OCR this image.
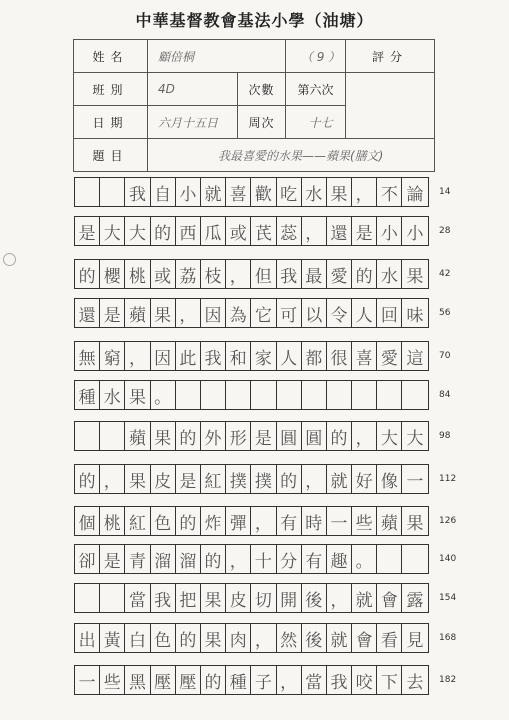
中華基督教會基法小學（油塘）
姓名	顧倍桐		（ 9 ）	評分
班別	4D	次數	第六次	
日期	六月十五日	周次	十七	
題目	我最喜愛的水果——蘋果(膳文)			
我 自 小 就 喜 歡 吃 水 果 ， 不 論	14
是 大 大 的 西 瓜 或 芪 蕊 ， 還 是 小 小	28
的 櫻 桃 或 荔 枝 ， 但 我 最 愛 的 水 果	42
還 是 蘋 果 ， 因 為 它 可 以 令 人 回 味	56
無 窮 ， 因 此 我 和 家 人 都 很 喜 愛 這	70
種 水 果 。	84
蘋 果 的 外 形 是 圓 圓 的 ， 大 大	98
的 ， 果 皮 是 紅 撲 撲 的 ， 就 好 像 一	112
個 桃 紅 色 的 炸 彈 ， 有 時 一 些 蘋 果	126
卻 是 青 溜 溜 的 ， 十 分 有 趣 。	140
當 我 把 果 皮 切 開 後 ， 就 會 露	154
出 黃 白 色 的 果 肉 ， 然 後 就 會 看 見	168
一 些 黑 壓 壓 的 種 子 ， 當 我 咬 下 去	182
